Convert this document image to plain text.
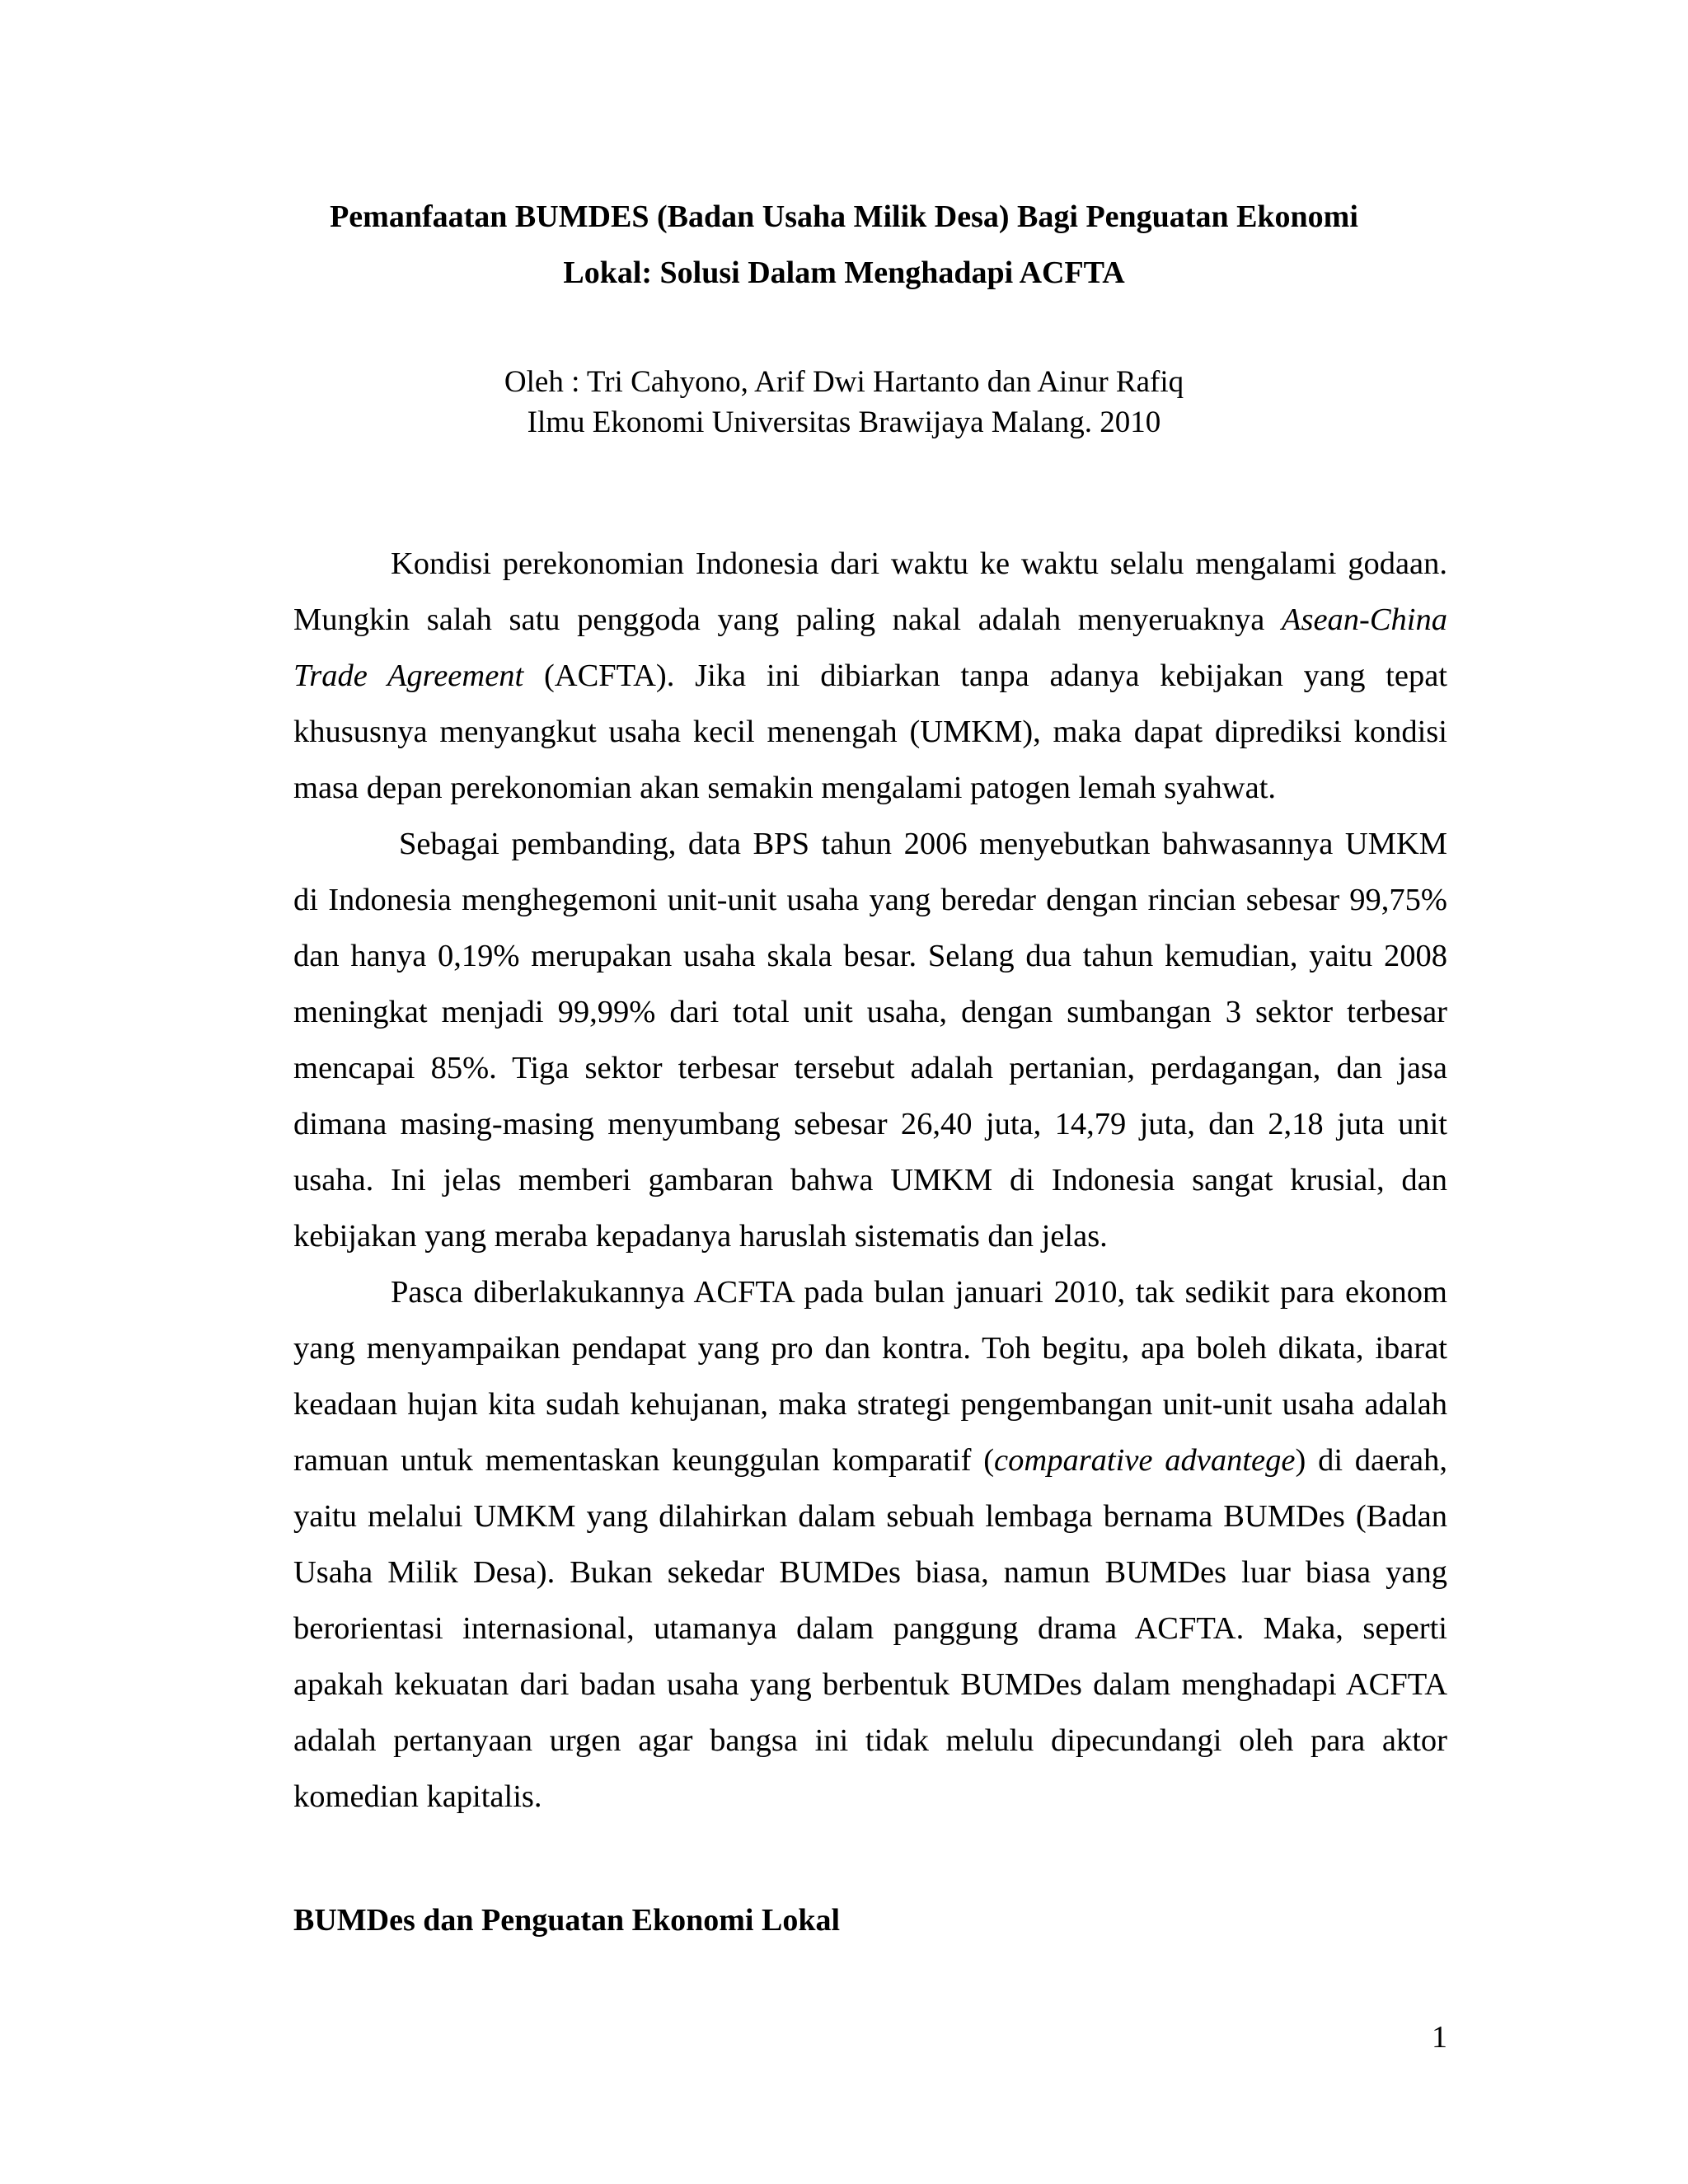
Pemanfaatan BUMDES (Badan Usaha Milik Desa) Bagi Penguatan Ekonomi
Lokal: Solusi Dalam Menghadapi ACFTA
Oleh : Tri Cahyono, Arif Dwi Hartanto dan Ainur Rafiq
Ilmu Ekonomi Universitas Brawijaya Malang. 2010

Kondisi perekonomian Indonesia dari waktu ke waktu selalu mengalami godaan. Mungkin salah satu penggoda yang paling nakal adalah menyeruaknya Asean-China Trade Agreement (ACFTA). Jika ini dibiarkan tanpa adanya kebijakan yang tepat khususnya menyangkut usaha kecil menengah (UMKM), maka dapat diprediksi kondisi masa depan perekonomian akan semakin mengalami patogen lemah syahwat.

Sebagai pembanding, data BPS tahun 2006 menyebutkan bahwasannya UMKM di Indonesia menghegemoni unit-unit usaha yang beredar dengan rincian sebesar 99,75% dan hanya 0,19% merupakan usaha skala besar. Selang dua tahun kemudian, yaitu 2008 meningkat menjadi 99,99% dari total unit usaha, dengan sumbangan 3 sektor terbesar mencapai 85%. Tiga sektor terbesar tersebut adalah pertanian, perdagangan, dan jasa dimana masing-masing menyumbang sebesar 26,40 juta, 14,79 juta, dan 2,18 juta unit usaha. Ini jelas memberi gambaran bahwa UMKM di Indonesia sangat krusial, dan kebijakan yang meraba kepadanya haruslah sistematis dan jelas.

Pasca diberlakukannya ACFTA pada bulan januari 2010, tak sedikit para ekonom yang menyampaikan pendapat yang pro dan kontra. Toh begitu, apa boleh dikata, ibarat keadaan hujan kita sudah kehujanan, maka strategi pengembangan unit-unit usaha adalah ramuan untuk mementaskan keunggulan komparatif (comparative advantege) di daerah, yaitu melalui UMKM yang dilahirkan dalam sebuah lembaga bernama BUMDes (Badan Usaha Milik Desa). Bukan sekedar BUMDes biasa, namun BUMDes luar biasa yang berorientasi internasional, utamanya dalam panggung drama ACFTA. Maka, seperti apakah kekuatan dari badan usaha yang berbentuk BUMDes dalam menghadapi ACFTA adalah pertanyaan urgen agar bangsa ini tidak melulu dipecundangi oleh para aktor komedian kapitalis.

BUMDes dan Penguatan Ekonomi Lokal
1
